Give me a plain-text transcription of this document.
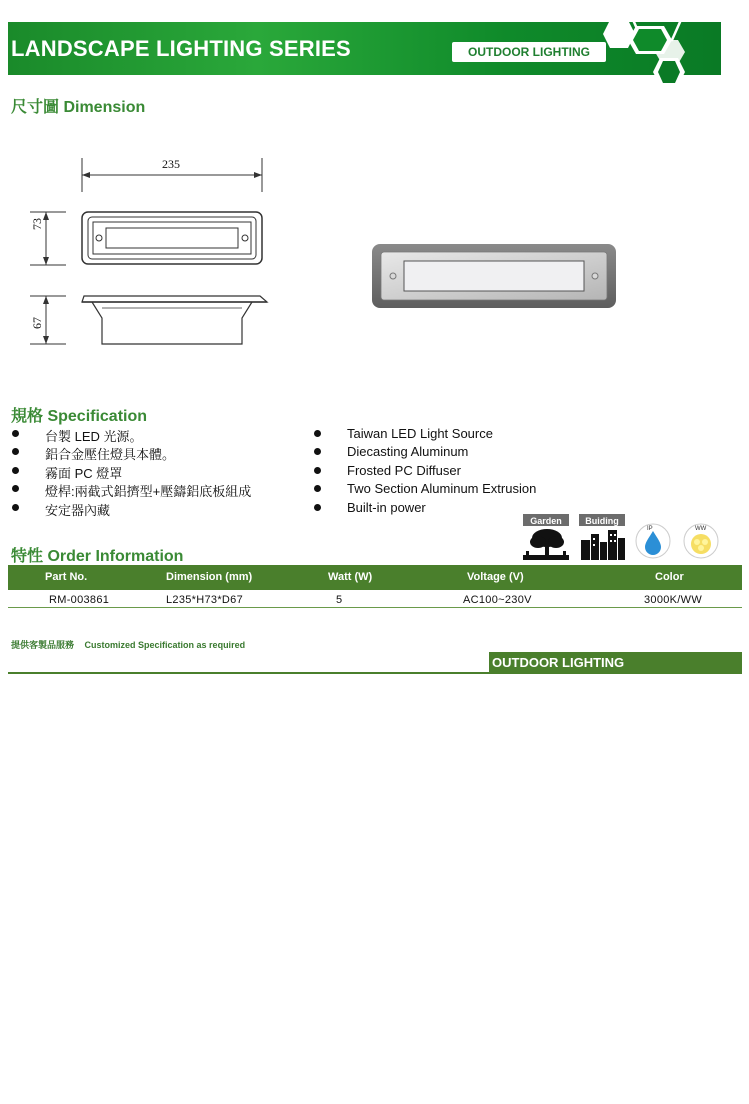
LANDSCAPE LIGHTING SERIES	OUTDOOR LIGHTING
尺寸圖 Dimension
235
73
67
規格 Specification
台製 LED 光源。
鋁合金壓住燈具本體。
霧面 PC 燈罩
燈桿:兩截式鋁擠型+壓鑄鋁底板組成
安定器內藏
Taiwan LED Light Source
Diecasting Aluminum
Frosted PC Diffuser
Two Section Aluminum Extrusion
Built-in power
特性 Order Information
Garden	Buiding
IP	WW
Part No.	Dimension (mm)	Watt (W)	Voltage (V)	Color
RM-003861	L235*H73*D67	5	AC100~230V	3000K/WW
提供客製品服務 Customized Specification as required
OUTDOOR LIGHTING
